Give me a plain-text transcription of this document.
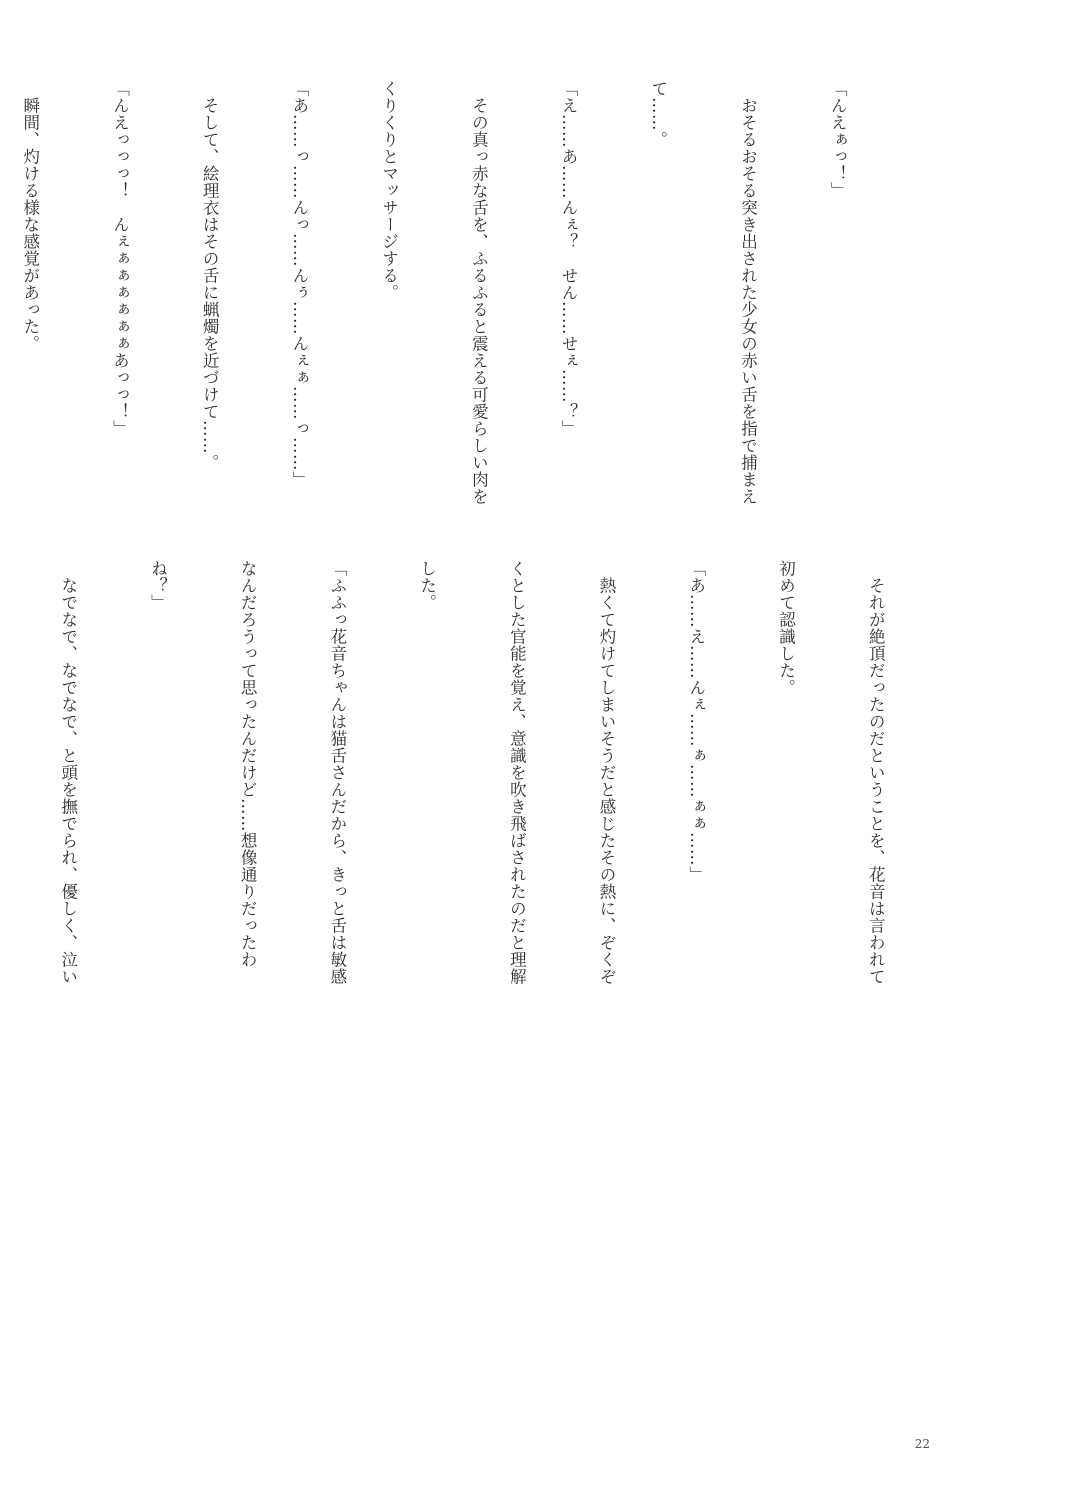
「んえぁっ！」

　おそるおそる突き出された少女の赤い舌を指で捕まえ

て……。

「え……あ……んぇ？　せん……せぇ……？」

　その真っ赤な舌を、ふるふると震える可愛らしい肉を

くりくりとマッサージする。

「あ……っ……んっ……んぅ……んぇぁ……っ……」

　そして、絵理衣はその舌に蝋燭を近づけて……。

「んえっっっ！　んぇぁぁぁぁぁぁあっっ！」

　瞬間、灼ける様な感覚があった。

　それが絶頂だったのだということを、花音は言われて

初めて認識した。

「あ……え……んぇ……ぁ……ぁぁ……」

　熱くて灼けてしまいそうだと感じたその熱に、ぞくぞ

くとした官能を覚え、意識を吹き飛ばされたのだと理解

した。

「ふふっ花音ちゃんは猫舌さんだから、きっと舌は敏感

なんだろうって思ったんだけど……想像通りだったわ

ね？」

　なでなで、なでなで、と頭を撫でられ、優しく、泣い

22
